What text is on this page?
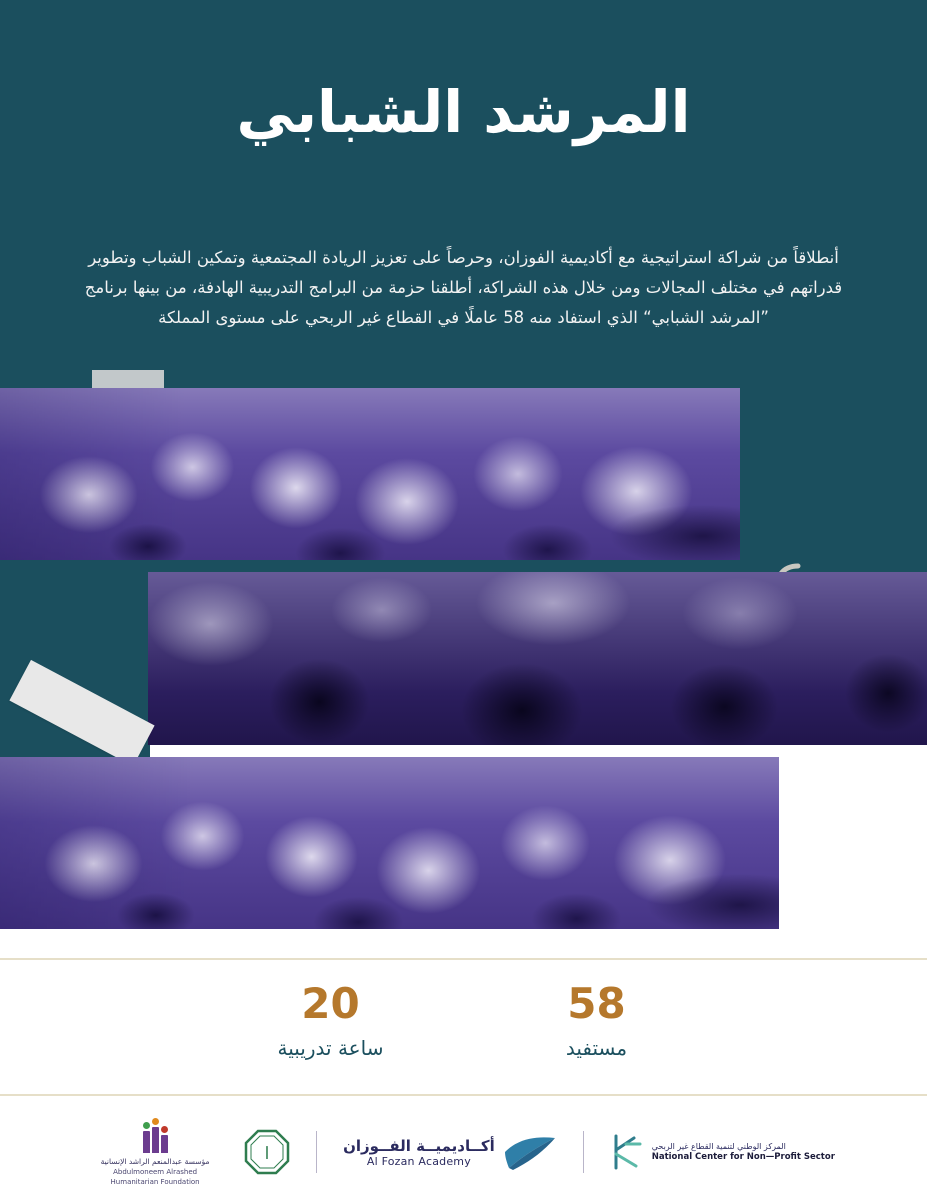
المرشد الشبابي
أنطلاقاً من شراكة استراتيجية مع أكاديمية الفوزان، وحرصاً على تعزيز الريادة المجتمعية وتمكين الشباب وتطوير قدراتهم في مختلف المجالات ومن خلال هذه الشراكة، أطلقنا حزمة من البرامج التدريبية الهادفة، من بينها برنامج ”المرشد الشبابي“ الذي استفاد منه 58 عاملًا في القطاع غير الربحي على مستوى المملكة
58
مستفيد
20
ساعة تدريبية
مؤسسة عبدالمنعم الراشد الإنسانية
Abdulmoneem Alrashed Humanitarian Foundation
ا	أكــاديميــة الفــوزان
Al Fozan Academy
المركز الوطني لتنمية القطاع غير الربحي
National Center for Non—Profit Sector
